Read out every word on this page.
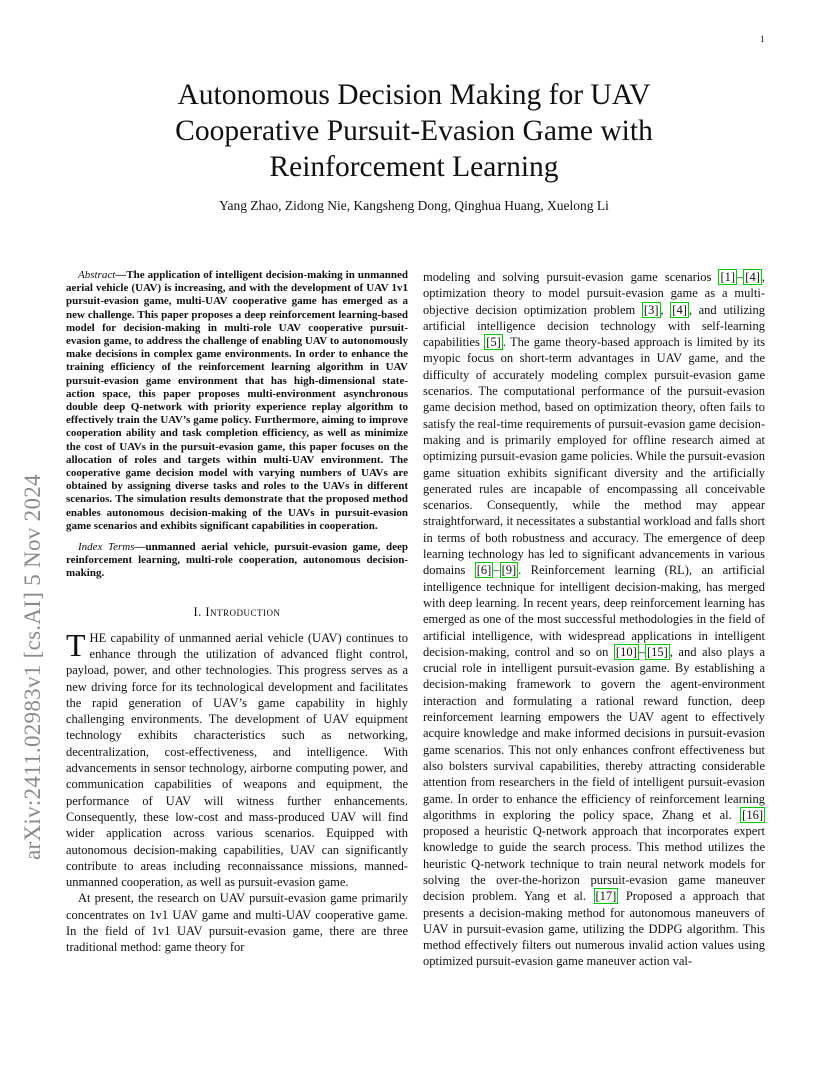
1
arXiv:2411.02983v1 [cs.AI] 5 Nov 2024
Autonomous Decision Making for UAV Cooperative Pursuit-Evasion Game with Reinforcement Learning
Yang Zhao, Zidong Nie, Kangsheng Dong, Qinghua Huang, Xuelong Li

Abstract—The application of intelligent decision-making in unmanned aerial vehicle (UAV) is increasing, and with the development of UAV 1v1 pursuit-evasion game, multi-UAV cooperative game has emerged as a new challenge. This paper proposes a deep reinforcement learning-based model for decision-making in multi-role UAV cooperative pursuit-evasion game, to address the challenge of enabling UAV to autonomously make decisions in complex game environments. In order to enhance the training efficiency of the reinforcement learning algorithm in UAV pursuit-evasion game environment that has high-dimensional state-action space, this paper proposes multi-environment asynchronous double deep Q-network with priority experience replay algorithm to effectively train the UAV’s game policy. Furthermore, aiming to improve cooperation ability and task completion efficiency, as well as minimize the cost of UAVs in the pursuit-evasion game, this paper focuses on the allocation of roles and targets within multi-UAV environment. The cooperative game decision model with varying numbers of UAVs are obtained by assigning diverse tasks and roles to the UAVs in different scenarios. The simulation results demonstrate that the proposed method enables autonomous decision-making of the UAVs in pursuit-evasion game scenarios and exhibits significant capabilities in cooperation.

Index Terms—unmanned aerial vehicle, pursuit-evasion game, deep reinforcement learning, multi-role cooperation, autonomous decision-making.

I. Introduction

THE capability of unmanned aerial vehicle (UAV) continues to enhance through the utilization of advanced flight control, payload, power, and other technologies. This progress serves as a new driving force for its technological development and facilitates the rapid generation of UAV’s game capability in highly challenging environments. The development of UAV equipment technology exhibits characteristics such as networking, decentralization, cost-effectiveness, and intelligence. With advancements in sensor technology, airborne computing power, and communication capabilities of weapons and equipment, the performance of UAV will witness further enhancements. Consequently, these low-cost and mass-produced UAV will find wider application across various scenarios. Equipped with autonomous decision-making capabilities, UAV can significantly contribute to areas including reconnaissance missions, manned-unmanned cooperation, as well as pursuit-evasion game.

At present, the research on UAV pursuit-evasion game primarily concentrates on 1v1 UAV game and multi-UAV cooperative game. In the field of 1v1 UAV pursuit-evasion game, there are three traditional method: game theory for

modeling and solving pursuit-evasion game scenarios [1] – [4] , optimization theory to model pursuit-evasion game as a multi-objective decision optimization problem [3] , [4] , and utilizing artificial intelligence decision technology with self-learning capabilities [5] . The game theory-based approach is limited by its myopic focus on short-term advantages in UAV game, and the difficulty of accurately modeling complex pursuit-evasion game scenarios. The computational performance of the pursuit-evasion game decision method, based on optimization theory, often fails to satisfy the real-time requirements of pursuit-evasion game decision-making and is primarily employed for offline research aimed at optimizing pursuit-evasion game policies. While the pursuit-evasion game situation exhibits significant diversity and the artificially generated rules are incapable of encompassing all conceivable scenarios. Consequently, while the method may appear straightforward, it necessitates a substantial workload and falls short in terms of both robustness and accuracy. The emergence of deep learning technology has led to significant advancements in various domains [6] – [9] . Reinforcement learning (RL), an artificial intelligence technique for intelligent decision-making, has merged with deep learning. In recent years, deep reinforcement learning has emerged as one of the most successful methodologies in the field of artificial intelligence, with widespread applications in intelligent decision-making, control and so on [10] – [15] , and also plays a crucial role in intelligent pursuit-evasion game. By establishing a decision-making framework to govern the agent-environment interaction and formulating a rational reward function, deep reinforcement learning empowers the UAV agent to effectively acquire knowledge and make informed decisions in pursuit-evasion game scenarios. This not only enhances confront effectiveness but also bolsters survival capabilities, thereby attracting considerable attention from researchers in the field of intelligent pursuit-evasion game. In order to enhance the efficiency of reinforcement learning algorithms in exploring the policy space, Zhang et al. [16] proposed a heuristic Q-network approach that incorporates expert knowledge to guide the search process. This method utilizes the heuristic Q-network technique to train neural network models for solving the over-the-horizon pursuit-evasion game maneuver decision problem. Yang et al. [17] Proposed a approach that presents a decision-making method for autonomous maneuvers of UAV in pursuit-evasion game, utilizing the DDPG algorithm. This method effectively filters out numerous invalid action values using optimized pursuit-evasion game maneuver action val-
